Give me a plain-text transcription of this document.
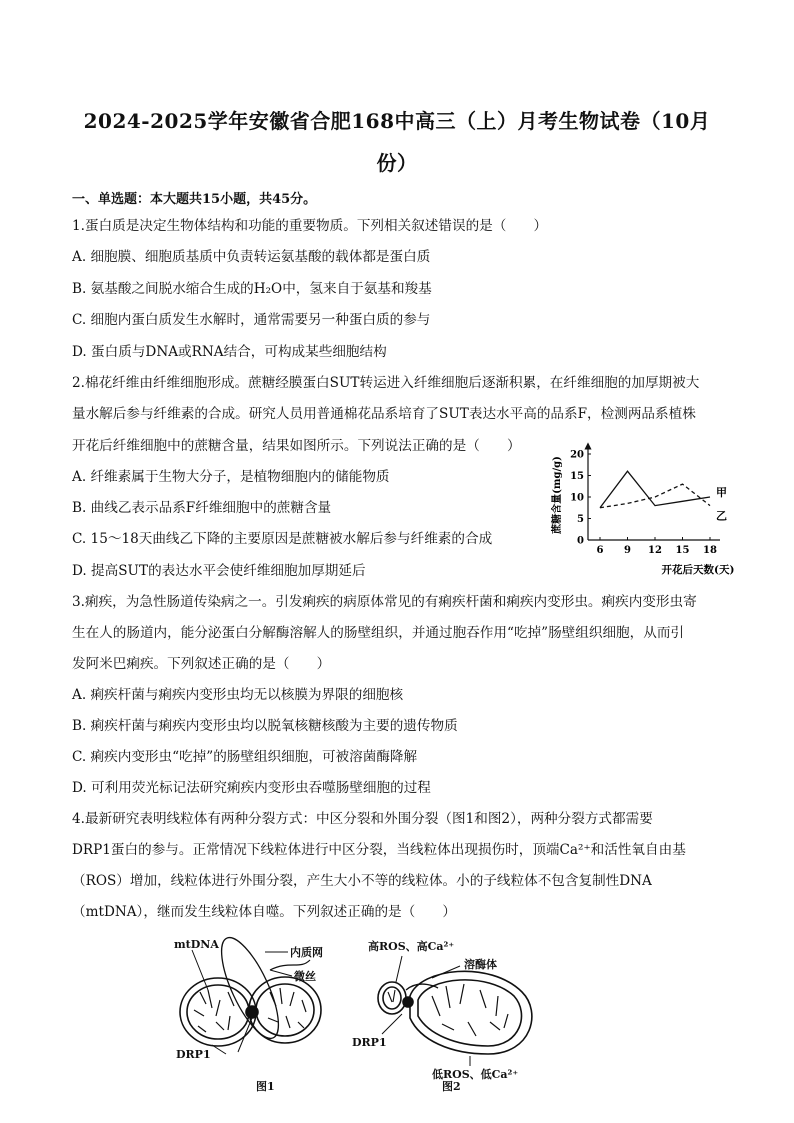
2024-2025学年安徽省合肥168中高三（上）月考生物试卷（10月
份）
一、单选题：本大题共15小题，共45分。
1.蛋白质是决定生物体结构和功能的重要物质。下列相关叙述错误的是（　　）
A. 细胞膜、细胞质基质中负责转运氨基酸的载体都是蛋白质
B. 氨基酸之间脱水缩合生成的H₂O中，氢来自于氨基和羧基
C. 细胞内蛋白质发生水解时，通常需要另一种蛋白质的参与
D. 蛋白质与DNA或RNA结合，可构成某些细胞结构
2.棉花纤维由纤维细胞形成。蔗糖经膜蛋白SUT转运进入纤维细胞后逐渐积累，在纤维细胞的加厚期被大
量水解后参与纤维素的合成。研究人员用普通棉花品系培育了SUT表达水平高的品系F，检测两品系植株
开花后纤维细胞中的蔗糖含量，结果如图所示。下列说法正确的是（　　）
A. 纤维素属于生物大分子，是植物细胞内的储能物质
B. 曲线乙表示品系F纤维细胞中的蔗糖含量
C. 15～18天曲线乙下降的主要原因是蔗糖被水解后参与纤维素的合成
D. 提高SUT的表达水平会使纤维细胞加厚期延后
蔗糖含量(mg/g)
0
5
10
15
20
6 9 12 15 18
甲
乙
开花后天数(天)
3.痢疾，为急性肠道传染病之一。引发痢疾的病原体常见的有痢疾杆菌和痢疾内变形虫。痢疾内变形虫寄
生在人的肠道内，能分泌蛋白分解酶溶解人的肠壁组织，并通过胞吞作用“吃掉”肠壁组织细胞，从而引
发阿米巴痢疾。下列叙述正确的是（　　）
A. 痢疾杆菌与痢疾内变形虫均无以核膜为界限的细胞核
B. 痢疾杆菌与痢疾内变形虫均以脱氧核糖核酸为主要的遗传物质
C. 痢疾内变形虫“吃掉”的肠壁组织细胞，可被溶菌酶降解
D. 可利用荧光标记法研究痢疾内变形虫吞噬肠壁细胞的过程
4.最新研究表明线粒体有两种分裂方式：中区分裂和外围分裂（图1和图2），两种分裂方式都需要
DRP1蛋白的参与。正常情况下线粒体进行中区分裂，当线粒体出现损伤时，顶端Ca²⁺和活性氧自由基
（ROS）增加，线粒体进行外围分裂，产生大小不等的线粒体。小的子线粒体不包含复制性DNA
（mtDNA），继而发生线粒体自噬。下列叙述正确的是（　　）
mtDNA
内质网
微丝
DRP1
高ROS、高Ca²⁺
溶酶体
DRP1
低ROS、低Ca²⁺
图1	图2
